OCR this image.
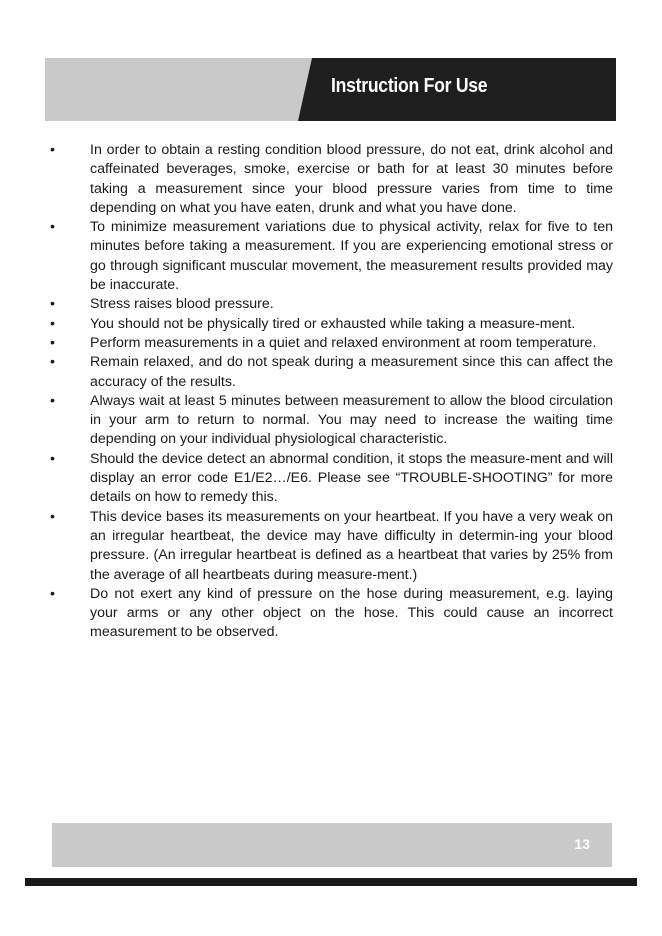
Instruction For Use
•	In order to obtain a resting condition blood pressure, do not eat, drink alcohol and caffeinated beverages, smoke, exercise or bath for at least 30 minutes before taking a measurement since your blood pressure varies from time to time depending on what you have eaten, drunk and what you have done.
•	To minimize measurement variations due to physical activity, relax for five to ten minutes before taking a measurement. If you are experiencing emotional stress or go through significant muscular movement, the measurement results provided may be inaccurate.
•	Stress raises blood pressure.
•	You should not be physically tired or exhausted while taking a measure-ment.
•	Perform measurements in a quiet and relaxed environment at room temperature.
•	Remain relaxed, and do not speak during a measurement since this can affect the accuracy of the results.
•	Always wait at least 5 minutes between measurement to allow the blood circulation in your arm to return to normal. You may need to increase the waiting time depending on your individual physiological characteristic.
•	Should the device detect an abnormal condition, it stops the measure-ment and will display an error code E1/E2…/E6. Please see “TROUBLE-SHOOTING” for more details on how to remedy this.
•	This device bases its measurements on your heartbeat. If you have a very weak on an irregular heartbeat, the device may have difficulty in determin-ing your blood pressure. (An irregular heartbeat is defined as a heartbeat that varies by 25% from the average of all heartbeats during measure-ment.)
•	Do not exert any kind of pressure on the hose during measurement, e.g. laying your arms or any other object on the hose. This could cause an incorrect measurement to be observed.
13
